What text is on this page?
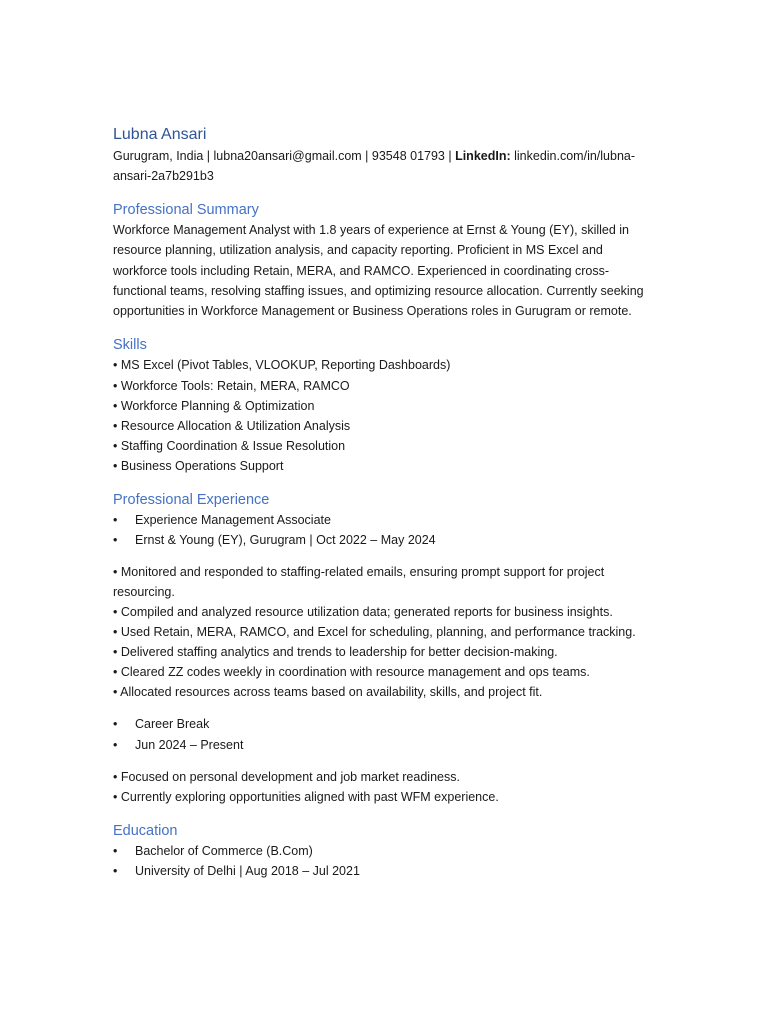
Lubna Ansari

Gurugram, India | lubna20ansari@gmail.com | 93548 01793 | LinkedIn: linkedin.com/in/lubna-ansari-2a7b291b3

Professional Summary

Workforce Management Analyst with 1.8 years of experience at Ernst & Young (EY), skilled in resource planning, utilization analysis, and capacity reporting. Proficient in MS Excel and workforce tools including Retain, MERA, and RAMCO. Experienced in coordinating cross-functional teams, resolving staffing issues, and optimizing resource allocation. Currently seeking opportunities in Workforce Management or Business Operations roles in Gurugram or remote.

Skills

• MS Excel (Pivot Tables, VLOOKUP, Reporting Dashboards)

• Workforce Tools: Retain, MERA, RAMCO

• Workforce Planning & Optimization

• Resource Allocation & Utilization Analysis

• Staffing Coordination & Issue Resolution

• Business Operations Support

Professional Experience
• Experience Management Associate
• Ernst & Young (EY), Gurugram | Oct 2022 – May 2024

• Monitored and responded to staffing-related emails, ensuring prompt support for project resourcing.

• Compiled and analyzed resource utilization data; generated reports for business insights.

• Used Retain, MERA, RAMCO, and Excel for scheduling, planning, and performance tracking.

• Delivered staffing analytics and trends to leadership for better decision-making.

• Cleared ZZ codes weekly in coordination with resource management and ops teams.

• Allocated resources across teams based on availability, skills, and project fit.

• Career Break
• Jun 2024 – Present

• Focused on personal development and job market readiness.

• Currently exploring opportunities aligned with past WFM experience.

Education
• Bachelor of Commerce (B.Com)
• University of Delhi | Aug 2018 – Jul 2021
